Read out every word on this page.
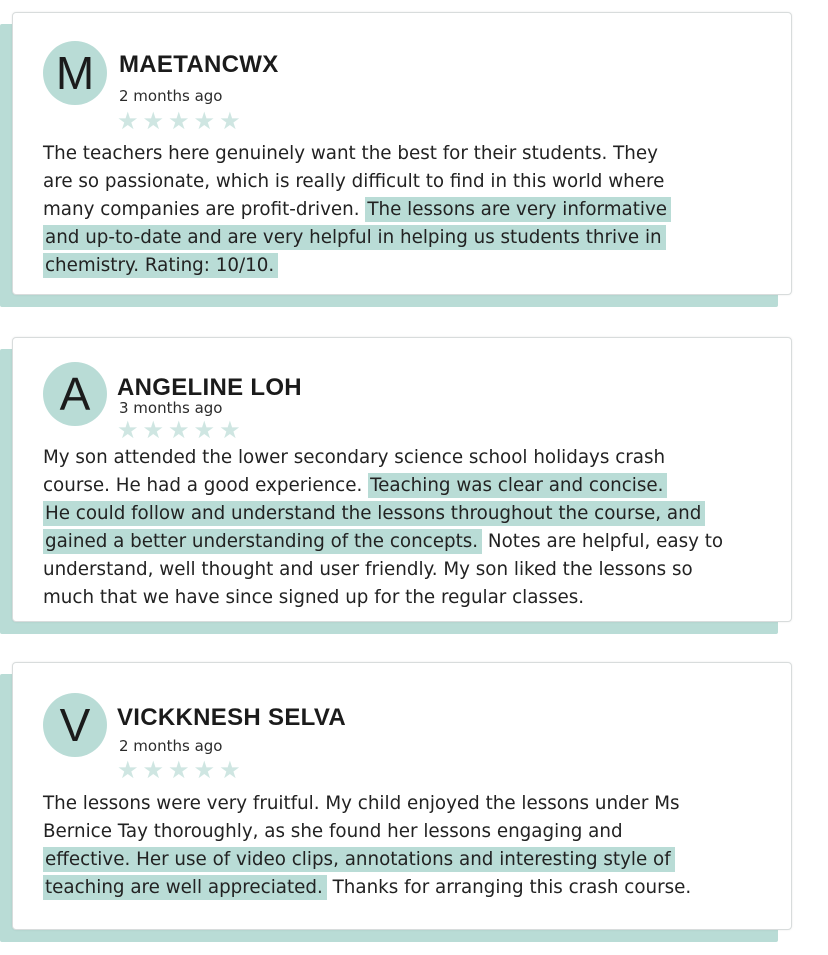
M	MAETANCWX
2 months ago
★ ★ ★ ★ ★

The teachers here genuinely want the best for their students. They
are so passionate, which is really difficult to find in this world where
many companies are profit-driven. The lessons are very informative
and up-to-date and are very helpful in helping us students thrive in
chemistry. Rating: 10/10.

A	ANGELINE LOH
3 months ago
★ ★ ★ ★ ★

My son attended the lower secondary science school holidays crash
course. He had a good experience. Teaching was clear and concise.
He could follow and understand the lessons throughout the course, and
gained a better understanding of the concepts. Notes are helpful, easy to
understand, well thought and user friendly. My son liked the lessons so
much that we have since signed up for the regular classes.

V	VICKKNESH SELVA
2 months ago
★ ★ ★ ★ ★

The lessons were very fruitful. My child enjoyed the lessons under Ms
Bernice Tay thoroughly, as she found her lessons engaging and
effective. Her use of video clips, annotations and interesting style of
teaching are well appreciated. Thanks for arranging this crash course.
